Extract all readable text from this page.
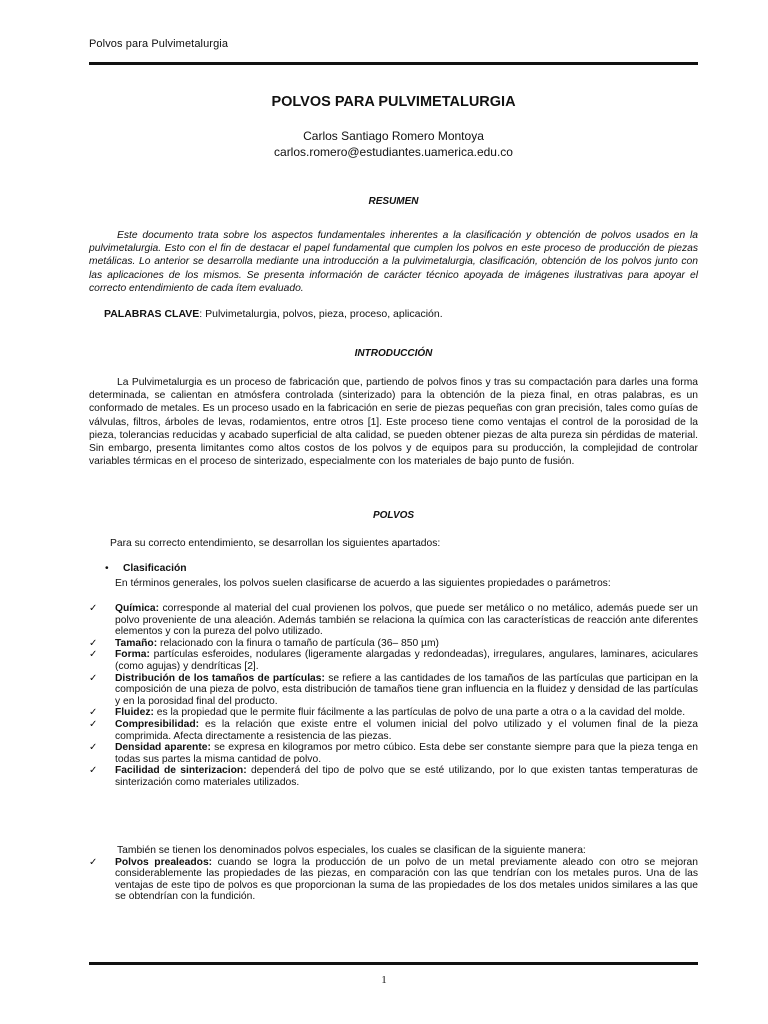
Polvos para Pulvimetalurgia
POLVOS PARA PULVIMETALURGIA
Carlos Santiago Romero Montoya
carlos.romero@estudiantes.uamerica.edu.co
RESUMEN

Este documento trata sobre los aspectos fundamentales inherentes a la clasificación y obtención de polvos usados en la pulvimetalurgia. Esto con el fin de destacar el papel fundamental que cumplen los polvos en este proceso de producción de piezas metálicas. Lo anterior se desarrolla mediante una introducción a la pulvimetalurgia, clasificación, obtención de los polvos junto con las aplicaciones de los mismos. Se presenta información de carácter técnico apoyada de imágenes ilustrativas para apoyar el correcto entendimiento de cada ítem evaluado.

PALABRAS CLAVE: Pulvimetalurgia, polvos, pieza, proceso, aplicación.
INTRODUCCIÓN

La Pulvimetalurgia es un proceso de fabricación que, partiendo de polvos finos y tras su compactación para darles una forma determinada, se calientan en atmósfera controlada (sinterizado) para la obtención de la pieza final, en otras palabras, es un conformado de metales. Es un proceso usado en la fabricación en serie de piezas pequeñas con gran precisión, tales como guías de válvulas, filtros, árboles de levas, rodamientos, entre otros [1]. Este proceso tiene como ventajas el control de la porosidad de la pieza, tolerancias reducidas y acabado superficial de alta calidad, se pueden obtener piezas de alta pureza sin pérdidas de material. Sin embargo, presenta limitantes como altos costos de los polvos y de equipos para su producción, la complejidad de controlar variables térmicas en el proceso de sinterizado, especialmente con los materiales de bajo punto de fusión.

POLVOS
Para su correcto entendimiento, se desarrollan los siguientes apartados:
• Clasificación
En términos generales, los polvos suelen clasificarse de acuerdo a las siguientes propiedades o parámetros:
✓	Química: corresponde al material del cual provienen los polvos, que puede ser metálico o no metálico, además puede ser un polvo proveniente de una aleación. Además también se relaciona la química con las características de reacción ante diferentes elementos y con la pureza del polvo utilizado.
✓	Tamaño: relacionado con la finura o tamaño de partícula (36– 850 µm)
✓	Forma: partículas esferoides, nodulares (ligeramente alargadas y redondeadas), irregulares, angulares, laminares, aciculares (como agujas) y dendríticas [2].
✓	Distribución de los tamaños de partículas: se refiere a las cantidades de los tamaños de las partículas que participan en la composición de una pieza de polvo, esta distribución de tamaños tiene gran influencia en la fluidez y densidad de las partículas y en la porosidad final del producto.
✓	Fluidez: es la propiedad que le permite fluir fácilmente a las partículas de polvo de una parte a otra o a la cavidad del molde.
✓	Compresibilidad: es la relación que existe entre el volumen inicial del polvo utilizado y el volumen final de la pieza comprimida. Afecta directamente a resistencia de las piezas.
✓	Densidad aparente: se expresa en kilogramos por metro cúbico. Esta debe ser constante siempre para que la pieza tenga en todas sus partes la misma cantidad de polvo.
✓	Facilidad de sinterizacion: dependerá del tipo de polvo que se esté utilizando, por lo que existen tantas temperaturas de sinterización como materiales utilizados.
También se tienen los denominados polvos especiales, los cuales se clasifican de la siguiente manera:
✓	Polvos prealeados: cuando se logra la producción de un polvo de un metal previamente aleado con otro se mejoran considerablemente las propiedades de las piezas, en comparación con las que tendrían con los metales puros. Una de las ventajas de este tipo de polvos es que proporcionan la suma de las propiedades de los dos metales unidos similares a las que se obtendrían con la fundición.
1
